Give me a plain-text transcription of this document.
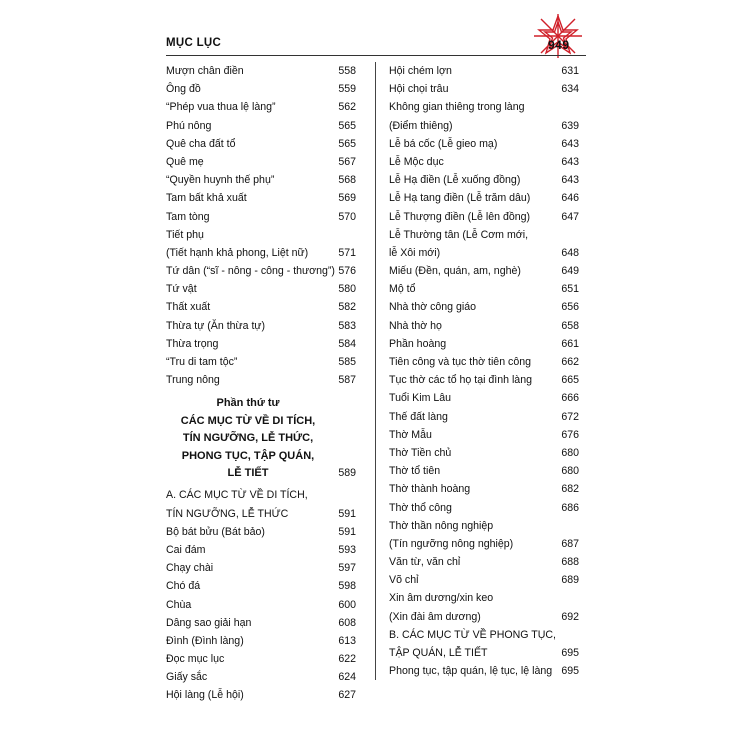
949
MỤC LỤC
Mượn chân điền	558
Ông đồ	559
“Phép vua thua lệ làng”	562
Phú nông	565
Quê cha đất tổ	565
Quê mẹ	567
“Quyền huynh thế phụ”	568
Tam bất khả xuất	569
Tam tòng	570
Tiết phụ
(Tiết hạnh khả phong, Liệt nữ)	571
Tứ dân (“sĩ - nông - công - thương”) 576
Tứ vật	580
Thất xuất	582
Thừa tự (Ăn thừa tự)	583
Thừa trọng	584
“Tru di tam tộc”	585
Trung nông	587
Phần thứ tư
CÁC MỤC TỪ VỀ DI TÍCH,
TÍN NGƯỠNG, LỄ THỨC,
PHONG TỤC, TẬP QUÁN,
LỄ TIẾT	589
A. CÁC MỤC TỪ VỀ DI TÍCH,
TÍN NGƯỠNG, LỄ THỨC	591
Bộ bát bửu (Bát bảo)	591
Cai đám	593
Chạy chài	597
Chó đá	598
Chùa	600
Dâng sao giải hạn	608
Đình (Đình làng)	613
Đọc mục lục	622
Giấy sắc	624
Hội làng (Lễ hội)	627
Hội chém lợn	631
Hội chọi trâu	634
Không gian thiêng trong làng
(Điểm thiêng)	639
Lễ bá cốc (Lễ gieo mạ)	643
Lễ Mộc dục	643
Lễ Hạ điền (Lễ xuống đồng)	643
Lễ Hạ tang điền (Lễ trăm dâu)	646
Lễ Thượng điền (Lễ lên đồng)	647
Lễ Thường tân (Lễ Cơm mới,
lễ Xôi mới)	648
Miếu (Đền, quán, am, nghè)	649
Mộ tổ	651
Nhà thờ công giáo	656
Nhà thờ họ	658
Phần hoàng	661
Tiên công và tục thờ tiên công	662
Tục thờ các tổ họ tại đình làng	665
Tuổi Kim Lâu	666
Thế đất làng	672
Thờ Mẫu	676
Thờ Tiền chủ	680
Thờ tổ tiên	680
Thờ thành hoàng	682
Thờ thổ công	686
Thờ thần nông nghiệp
(Tín ngưỡng nông nghiệp)	687
Văn từ, văn chỉ	688
Võ chỉ	689
Xin âm dương/xin keo
(Xin đài âm dương)	692
B. CÁC MỤC TỪ VỀ PHONG TỤC,
TẬP QUÁN, LỄ TIẾT	695
Phong tục, tập quán, lệ tục, lệ làng 695
